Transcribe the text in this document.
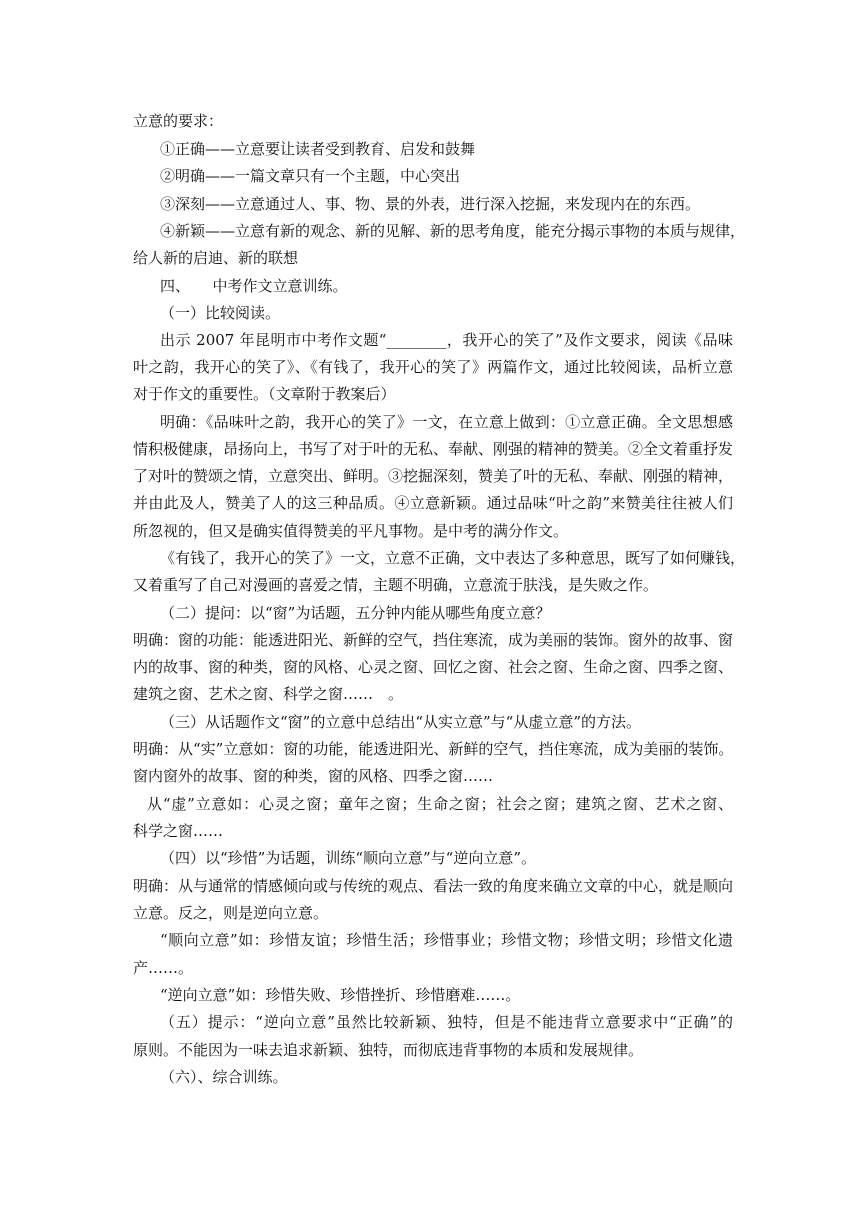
立意的要求：
①正确——立意要让读者受到教育、启发和鼓舞
②明确——一篇文章只有一个主题，中心突出
③深刻——立意通过人、事、物、景的外表，进行深入挖掘，来发现内在的东西。
④新颖——立意有新的观念、新的见解、新的思考角度，能充分揭示事物的本质与规律，
给人新的启迪、新的联想
四、　　中考作文立意训练。
（一）比较阅读。
出示 2007 年昆明市中考作文题“________，我开心的笑了”及作文要求，阅读《品味
叶之韵，我开心的笑了》、《有钱了，我开心的笑了》两篇作文，通过比较阅读，品析立意
对于作文的重要性。（文章附于教案后）
明确：《品味叶之韵，我开心的笑了》一文，在立意上做到：①立意正确。全文思想感
情积极健康，昂扬向上，书写了对于叶的无私、奉献、刚强的精神的赞美。②全文着重抒发
了对叶的赞颂之情，立意突出、鲜明。③挖掘深刻，赞美了叶的无私、奉献、刚强的精神，
并由此及人，赞美了人的这三种品质。④立意新颖。通过品味“叶之韵”来赞美往往被人们
所忽视的，但又是确实值得赞美的平凡事物。是中考的满分作文。
《有钱了，我开心的笑了》一文，立意不正确，文中表达了多种意思，既写了如何赚钱，
又着重写了自己对漫画的喜爱之情，主题不明确，立意流于肤浅，是失败之作。
（二）提问：以“窗”为话题，五分钟内能从哪些角度立意？
明确：窗的功能：能透进阳光、新鲜的空气，挡住寒流，成为美丽的装饰。窗外的故事、窗
内的故事、窗的种类，窗的风格、心灵之窗、回忆之窗、社会之窗、生命之窗、四季之窗、
建筑之窗、艺术之窗、科学之窗……　。
（三）从话题作文“窗”的立意中总结出“从实立意”与“从虚立意”的方法。
明确：从“实”立意如：窗的功能，能透进阳光、新鲜的空气，挡住寒流，成为美丽的装饰。
窗内窗外的故事、窗的种类，窗的风格、四季之窗……
从“虚”立意如：心灵之窗；童年之窗；生命之窗；社会之窗；建筑之窗、艺术之窗、
科学之窗……
（四）以“珍惜”为话题，训练“顺向立意”与“逆向立意”。
明确：从与通常的情感倾向或与传统的观点、看法一致的角度来确立文章的中心，就是顺向
立意。反之，则是逆向立意。
“顺向立意”如：珍惜友谊；珍惜生活；珍惜事业；珍惜文物；珍惜文明；珍惜文化遗
产……。
“逆向立意”如：珍惜失败、珍惜挫折、珍惜磨难……。
（五）提示：“逆向立意”虽然比较新颖、独特，但是不能违背立意要求中“正确”的
原则。不能因为一味去追求新颖、独特，而彻底违背事物的本质和发展规律。
（六）、综合训练。
